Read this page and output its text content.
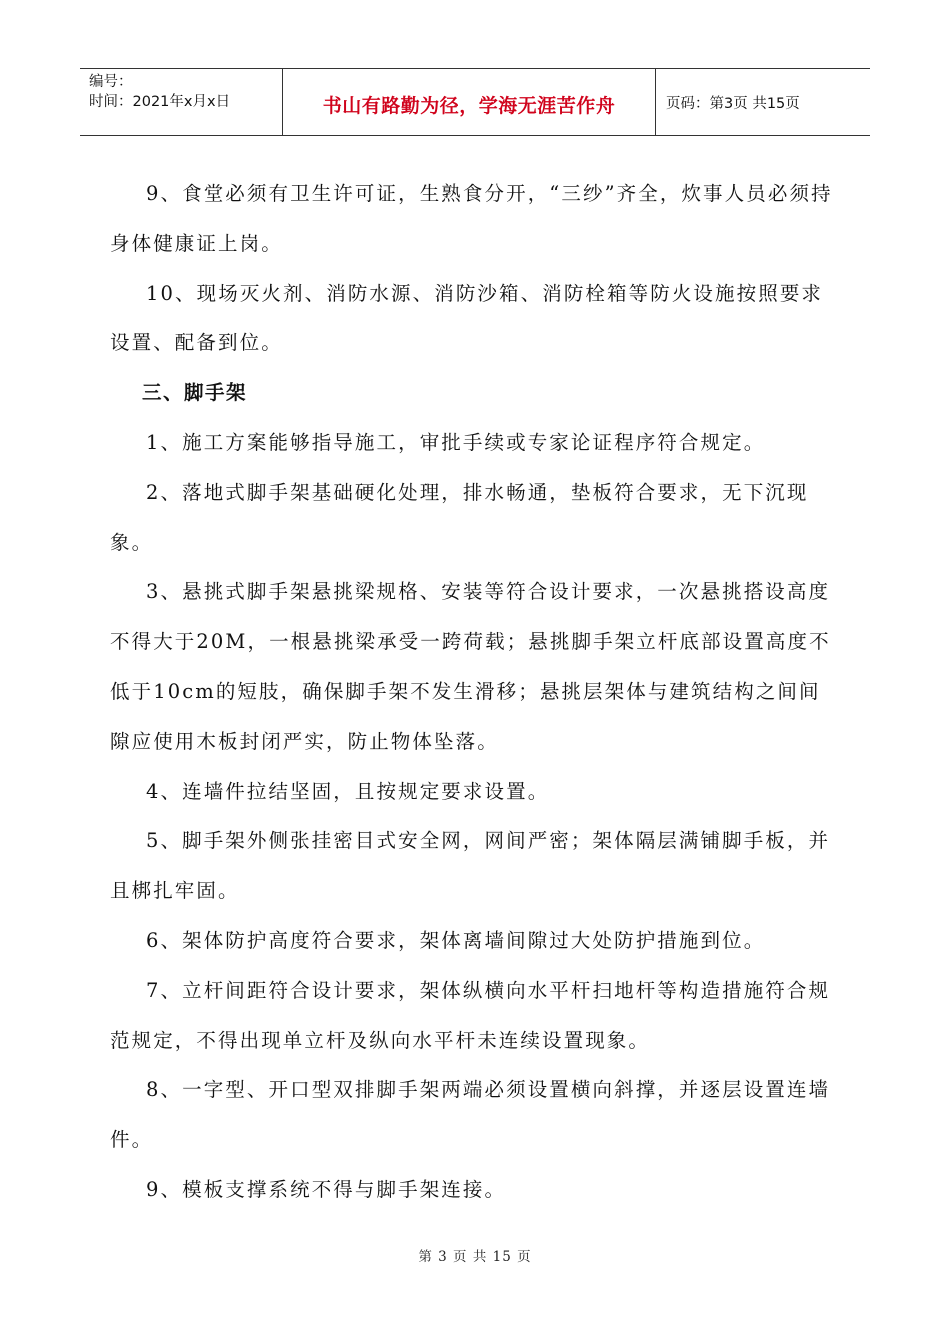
编号：
时间：2021年x月x日	书山有路勤为径，学海无涯苦作舟	页码：第3页 共15页

9、食堂必须有卫生许可证，生熟食分开，“三纱”齐全，炊事人员必须持身体健康证上岗。

10、现场灭火剂、消防水源、消防沙箱、消防栓箱等防火设施按照要求设置、配备到位。

三、脚手架

1、施工方案能够指导施工，审批手续或专家论证程序符合规定。

2、落地式脚手架基础硬化处理，排水畅通，垫板符合要求，无下沉现象。

3、悬挑式脚手架悬挑梁规格、安装等符合设计要求，一次悬挑搭设高度不得大于20M，一根悬挑梁承受一跨荷载；悬挑脚手架立杆底部设置高度不低于10cm的短肢，确保脚手架不发生滑移；悬挑层架体与建筑结构之间间隙应使用木板封闭严实，防止物体坠落。

4、连墙件拉结坚固，且按规定要求设置。

5、脚手架外侧张挂密目式安全网，网间严密；架体隔层满铺脚手板，并且梆扎牢固。

6、架体防护高度符合要求，架体离墙间隙过大处防护措施到位。

7、立杆间距符合设计要求，架体纵横向水平杆扫地杆等构造措施符合规范规定，不得出现单立杆及纵向水平杆未连续设置现象。

8、一字型、开口型双排脚手架两端必须设置横向斜撑，并逐层设置连墙件。

9、模板支撑系统不得与脚手架连接。

第 3 页 共 15 页
